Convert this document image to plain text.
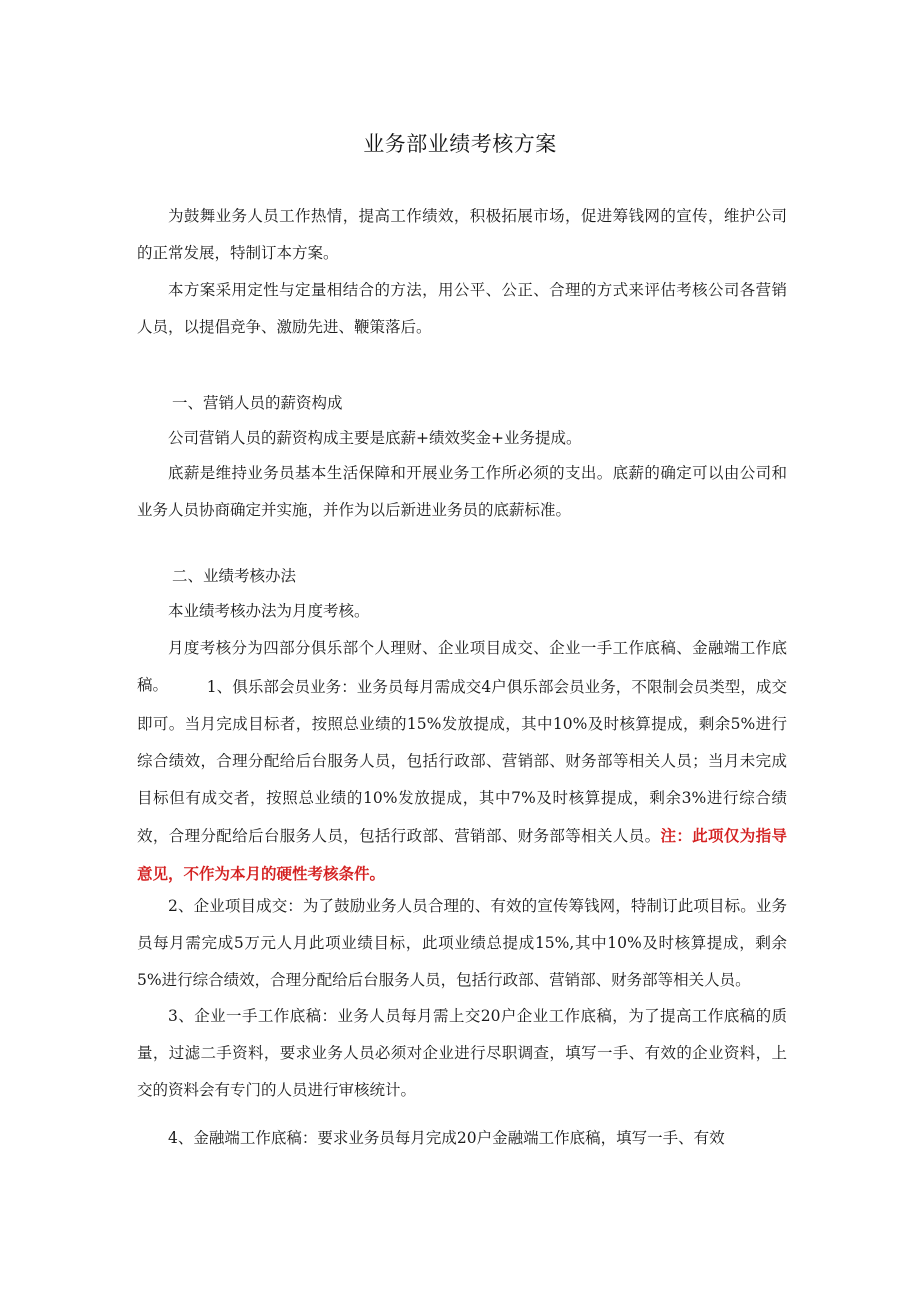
业务部业绩考核方案

为鼓舞业务人员工作热情，提高工作绩效，积极拓展市场，促进筹钱网的宣传，维护公司的正常发展，特制订本方案。

本方案采用定性与定量相结合的方法，用公平、公正、合理的方式来评估考核公司各营销人员，以提倡竞争、激励先进、鞭策落后。

一、营销人员的薪资构成

公司营销人员的薪资构成主要是底薪+绩效奖金+业务提成。

底薪是维持业务员基本生活保障和开展业务工作所必须的支出。底薪的确定可以由公司和业务人员协商确定并实施，并作为以后新进业务员的底薪标准。

二、业绩考核办法

本业绩考核办法为月度考核。

月度考核分为四部分俱乐部个人理财、企业项目成交、企业一手工作底稿、金融端工作底稿。	1、俱乐部会员业务：业务员每月需成交4户俱乐部会员业务，不限制会员类型，成交即可。当月完成目标者，按照总业绩的15%发放提成，其中10%及时核算提成，剩余5%进行综合绩效，合理分配给后台服务人员，包括行政部、营销部、财务部等相关人员；当月未完成目标但有成交者，按照总业绩的10%发放提成，其中7%及时核算提成，剩余3%进行综合绩效，合理分配给后台服务人员，包括行政部、营销部、财务部等相关人员。注：此项仅为指导意见，不作为本月的硬性考核条件。

2、企业项目成交：为了鼓励业务人员合理的、有效的宣传筹钱网，特制订此项目标。业务员每月需完成5万元人月此项业绩目标，此项业绩总提成15%,其中10%及时核算提成，剩余5%进行综合绩效，合理分配给后台服务人员，包括行政部、营销部、财务部等相关人员。

3、企业一手工作底稿：业务人员每月需上交20户企业工作底稿，为了提高工作底稿的质量，过滤二手资料，要求业务人员必须对企业进行尽职调查，填写一手、有效的企业资料，上交的资料会有专门的人员进行审核统计。

4、金融端工作底稿：要求业务员每月完成20户金融端工作底稿，填写一手、有效
